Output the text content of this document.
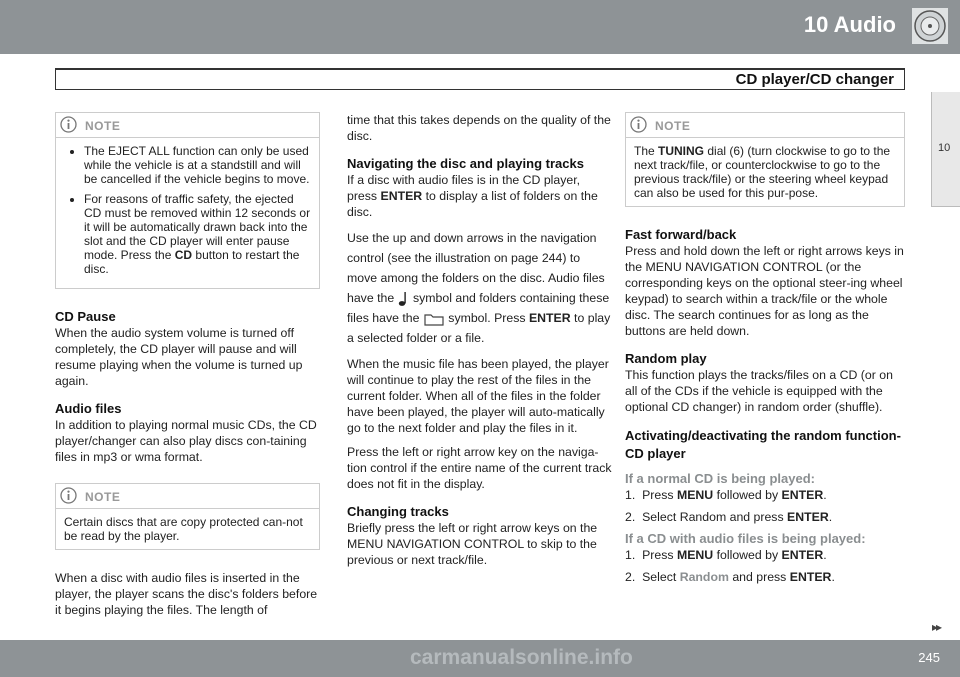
10 Audio
CD player/CD changer
10
NOTE
• The EJECT ALL function can only be used while the vehicle is at a standstill and will be cancelled if the vehicle begins to move.
• For reasons of traffic safety, the ejected CD must be removed within 12 seconds or it will be automatically drawn back into the slot and the CD player will enter pause mode. Press the CD button to restart the disc.
CD Pause

When the audio system volume is turned off completely, the CD player will pause and will resume playing when the volume is turned up again.

Audio files

In addition to playing normal music CDs, the CD player/changer can also play discs con-taining files in mp3 or wma format.

NOTE
Certain discs that are copy protected can-not be read by the player.

When a disc with audio files is inserted in the player, the player scans the disc's folders before it begins playing the files. The length of

time that this takes depends on the quality of the disc.

Navigating the disc and playing tracks

If a disc with audio files is in the CD player, press ENTER to display a list of folders on the disc.

Use the up and down arrows in the navigation control (see the illustration on page 244) to move among the folders on the disc. Audio files have the  symbol and folders containing these files have the  symbol. Press ENTER to play a selected folder or a file.

When the music file has been played, the player will continue to play the rest of the files in the current folder. When all of the files in the folder have been played, the player will auto-matically go to the next folder and play the files in it.

Press the left or right arrow key on the naviga-tion control if the entire name of the current track does not fit in the display.

Changing tracks

Briefly press the left or right arrow keys on the MENU NAVIGATION CONTROL to skip to the previous or next track/file.

NOTE
The TUNING dial (6) (turn clockwise to go to the next track/file, or counterclockwise to go to the previous track/file) or the steering wheel keypad can also be used for this pur-pose.
Fast forward/back

Press and hold down the left or right arrows keys in the MENU NAVIGATION CONTROL (or the corresponding keys on the optional steer-ing wheel keypad) to search within a track/file or the whole disc. The search continues for as long as the buttons are held down.

Random play

This function plays the tracks/files on a CD (or on all of the CDs if the vehicle is equipped with the optional CD changer) in random order (shuffle).

Activating/deactivating the random function-CD player
If a normal CD is being played:
1. Press MENU followed by ENTER.
2. Select Random and press ENTER.
If a CD with audio files is being played:
1. Press MENU followed by ENTER.
2. Select Random and press ENTER.
▸▸
245
carmanualsonline.info
